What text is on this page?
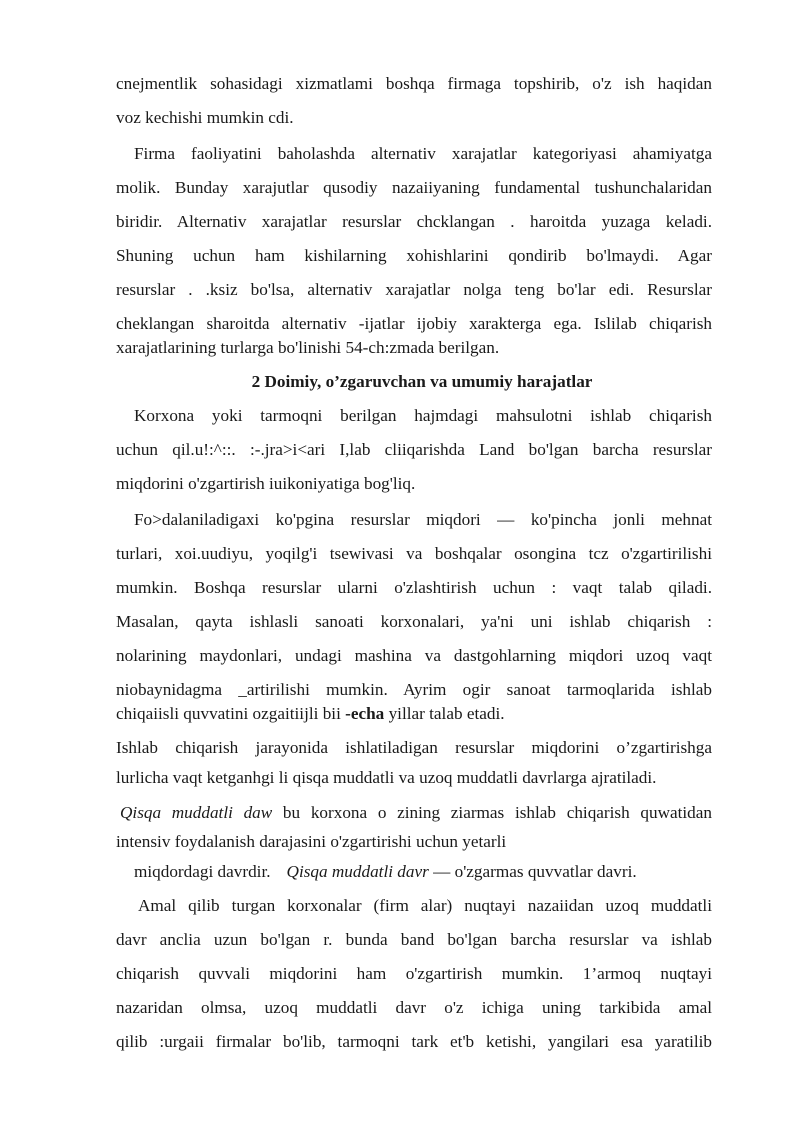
cnejmentlik sohasidagi xizmatlami boshqa firmaga topshirib, o'z ish haqidan
voz kechishi mumkin cdi.
Firma faoliyatini baholashda alternativ xarajatlar kategoriyasi ahamiyatga
molik. Bunday xarajutlar qusodiy nazaiiyaning fundamental tushunchalaridan
biridir. Alternativ xarajatlar resurslar chcklangan . haroitda yuzaga keladi.
Shuning uchun ham kishilarning xohishlarini qondirib bo'lmaydi. Agar
resurslar . .ksiz bo'lsa, alternativ xarajatlar nolga teng bo'lar edi. Resurslar
cheklangan sharoitda alternativ -ijatlar ijobiy xarakterga ega. Islilab chiqarish
xarajatlarining turlarga bo'linishi 54-ch:zmada berilgan.
2 Doimiy, o’zgaruvchan va umumiy harajatlar
Korxona yoki tarmoqni berilgan hajmdagi mahsulotni ishlab chiqarish
uchun qil.u!:^::. :-.jra>i<ari I,lab cliiqarishda Land bo'lgan barcha resurslar
miqdorini o'zgartirish iuikoniyatiga bog'liq.
Fo>dalaniladigaxi ko'pgina resurslar miqdori — ko'pincha jonli mehnat
turlari, xoi.uudiyu, yoqilg'i tsewivasi va boshqalar osongina tcz o'zgartirilishi
mumkin. Boshqa resurslar ularni o'zlashtirish uchun : vaqt talab qiladi.
Masalan, qayta ishlasli sanoati korxonalari, ya'ni uni ishlab chiqarish :
nolarining maydonlari, undagi mashina va dastgohlarning miqdori uzoq vaqt
niobaynidagma _artirilishi mumkin. Ayrim ogir sanoat tarmoqlarida ishlab
chiqaiisli quvvatini ozgaitiijli bii -echa yillar talab etadi.
Ishlab chiqarish jarayonida ishlatiladigan resurslar miqdorini o’zgartirishga
lurlicha vaqt ketganhgi li qisqa muddatli va uzoq muddatli davrlarga ajratiladi.
Qisqa muddatli daw bu korxona o zining ziarmas ishlab chiqarish quwatidan
intensiv foydalanish darajasini o'zgartirishi uchun yetarli
miqdordagi davrdir. Qisqa muddatli davr — o'zgarmas quvvatlar davri.
Amal qilib turgan korxonalar (firm alar) nuqtayi nazaiidan uzoq muddatli
davr anclia uzun bo'lgan r. bunda band bo'lgan barcha resurslar va ishlab
chiqarish quvvali miqdorini ham o'zgartirish mumkin. 1’armoq nuqtayi
nazaridan olmsa, uzoq muddatli davr o'z ichiga uning tarkibida amal
qilib :urgaii firmalar bo'lib, tarmoqni tark et'b ketishi, yangilari esa yaratilib
